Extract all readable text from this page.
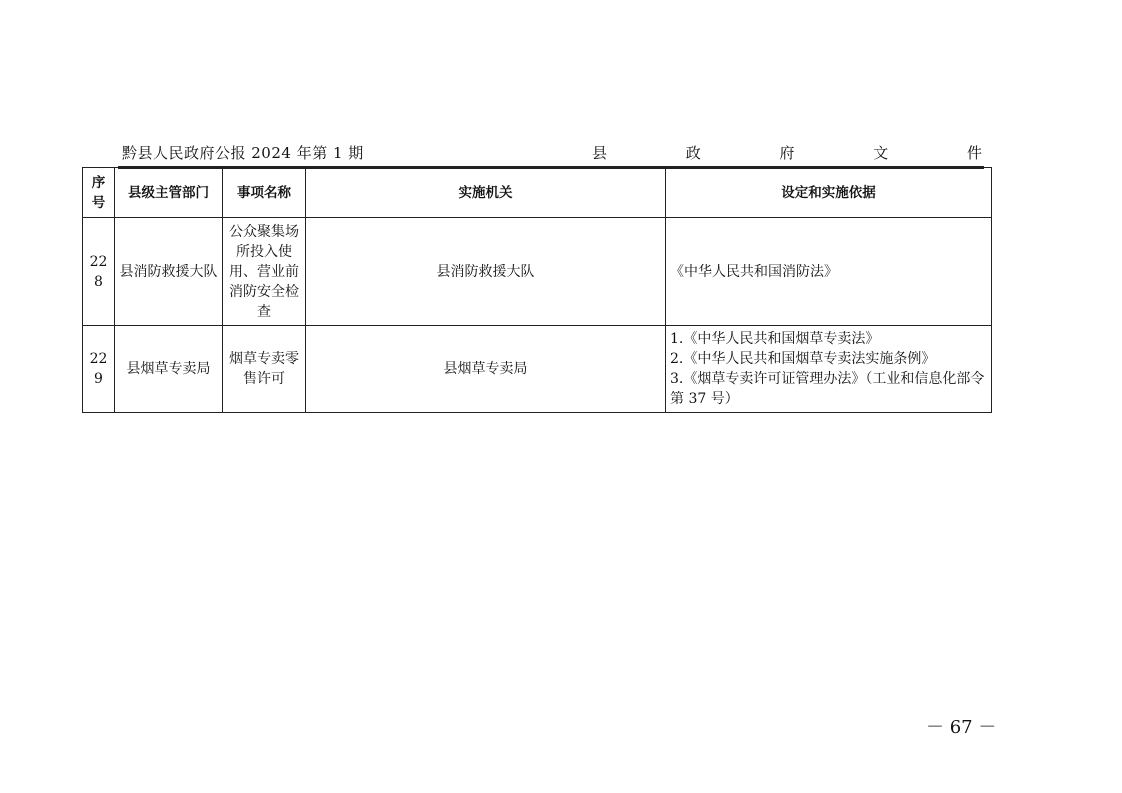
黔县人民政府公报 2024 年第 1 期	县	政	府	文	件
序号	县级主管部门	事项名称	实施机关	设定和实施依据
228	县消防救援大队	公众聚集场所投入使用、营业前消防安全检查	县消防救援大队	《中华人民共和国消防法》

229	县烟草专卖局	烟草专卖零售许可	县烟草专卖局	1.《中华人民共和国烟草专卖法》
2.《中华人民共和国烟草专卖法实施条例》
3.《烟草专卖许可证管理办法》（工业和信息化部令第 37 号）
－ 67 －
